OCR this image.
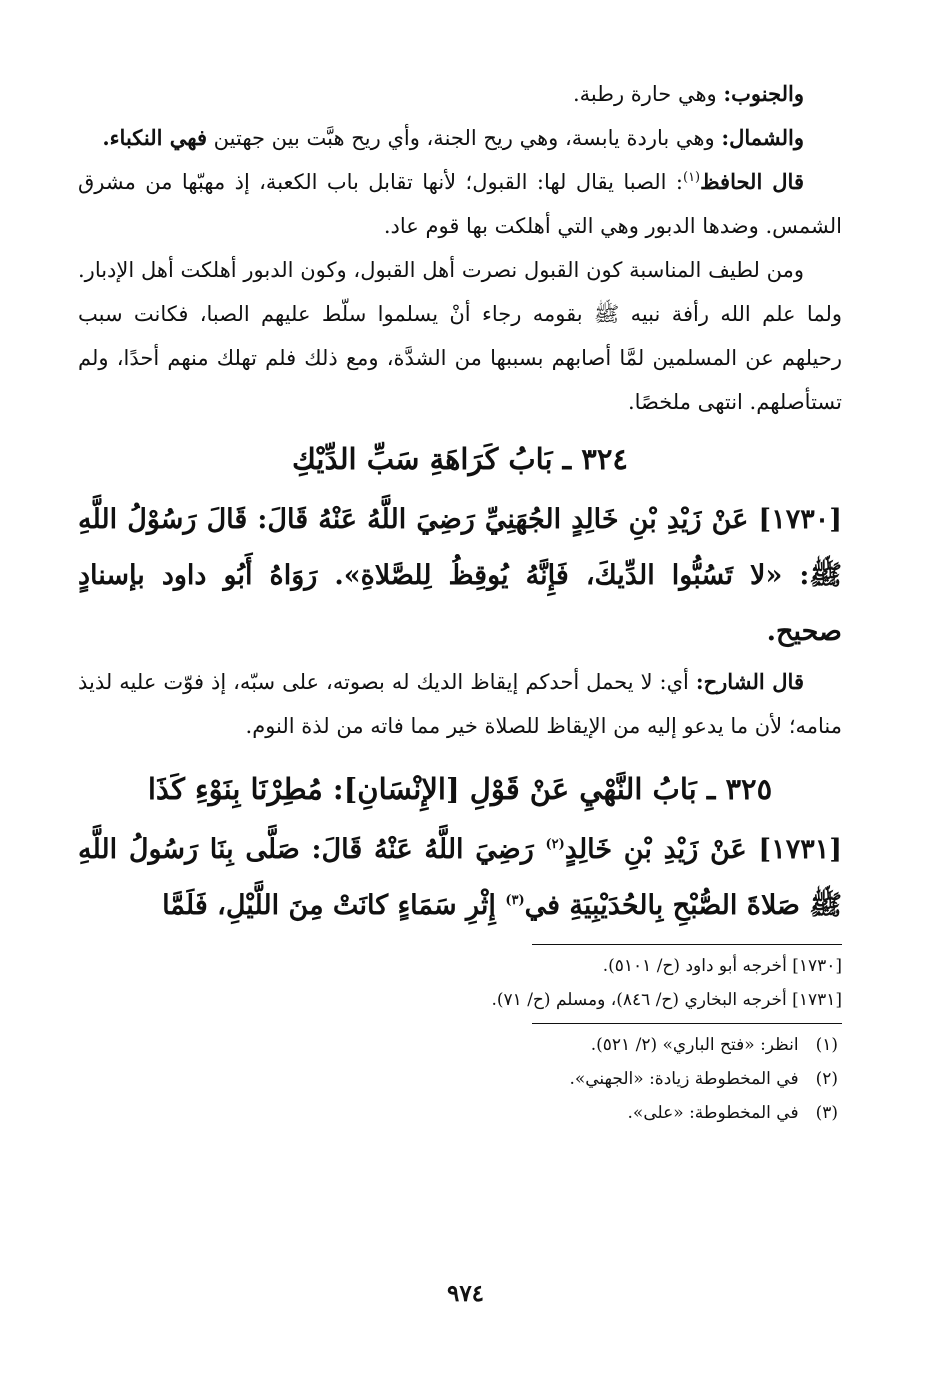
والجنوب: وهي حارة رطبة.

والشمال: وهي باردة يابسة، وهي ريح الجنة، وأي ريح هبَّت بين جهتين فهي النكباء.

قال الحافظ$^{(١)}$: الصبا يقال لها: القبول؛ لأنها تقابل باب الكعبة، إذ مهبّها من مشرق الشمس. وضدها الدبور وهي التي أهلكت بها قوم عاد.

ومن لطيف المناسبة كون القبول نصرت أهل القبول، وكون الدبور أهلكت أهل الإدبار. ولما علم الله رأفة نبيه ﷺ بقومه رجاء أنْ يسلموا سلّط عليهم الصبا، فكانت سبب رحيلهم عن المسلمين لمَّا أصابهم بسببها من الشدَّة، ومع ذلك فلم تهلك منهم أحدًا، ولم تستأصلهم. انتهى ملخصًا.

٣٢٤ ـ بَابُ كَرَاهَةِ سَبِّ الدِّيْكِ

[١٧٣٠] عَنْ زَيْدِ بْنِ خَالِدٍ الجُهَنِيِّ رَضِيَ اللَّهُ عَنْهُ قَالَ: قَالَ رَسُوْلُ اللَّهِ ﷺ: «لا تَسُبُّوا الدِّيكَ، فَإِنَّهُ يُوقِظُ لِلصَّلاةِ». رَوَاهُ أَبُو داود بإسنادٍ صحيح.

قال الشارح: أي: لا يحمل أحدكم إيقاظ الديك له بصوته، على سبّه، إذ فوّت عليه لذيذ منامه؛ لأن ما يدعو إليه من الإيقاظ للصلاة خير مما فاته من لذة النوم.

٣٢٥ ـ بَابُ النَّهْيِ عَنْ قَوْلِ [الإِنْسَانِ]: مُطِرْنَا بِنَوْءِ كَذَا

[١٧٣١] عَنْ زَيْدِ بْنِ خَالِدٍ$^{(٢)}$ رَضِيَ اللَّهُ عَنْهُ قَالَ: صَلَّى بِنَا رَسُولُ اللَّهِ ﷺ صَلاةَ الصُّبْحِ بِالحُدَيْبِيَةِ في$^{(٣)}$ إِثْرِ سَمَاءٍ كانَتْ مِنَ اللَّيْلِ، فَلَمَّا

[١٧٣٠] أخرجه أبو داود (ح/ ٥١٠١).
[١٧٣١] أخرجه البخاري (ح/ ٨٤٦)، ومسلم (ح/ ٧١).
(١) انظر: «فتح الباري» (٢/ ٥٢١).
(٢) في المخطوطة زيادة: «الجهني».
(٣) في المخطوطة: «على».
٩٧٤
